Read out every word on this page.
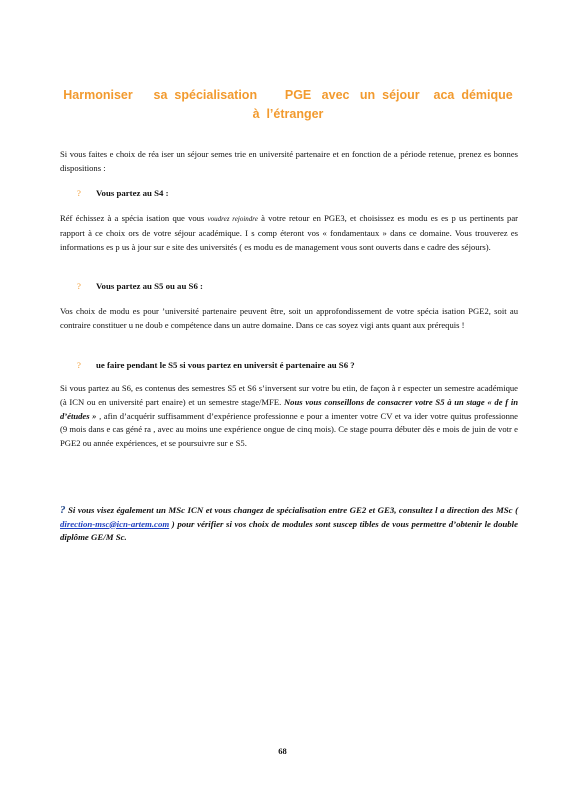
Harmoniser      sa  spécialisation        PGE   avec   un  séjour    aca  démique
à  l’étranger
Si vous faites e choix de réa iser un séjour semes trie en université partenaire et en fonction de a période retenue, prenez es bonnes dispositions :
? Vous partez au S4 :
Réf échissez à a spécia isation que vous voudrez rejoindre à votre retour en PGE3, et choisissez es modu es es p us pertinents par rapport à ce choix ors de votre séjour académique. I s comp éteront vos « fondamentaux » dans ce domaine. Vous trouverez es informations es p us à jour sur e site des universités ( es modu es de management vous sont ouverts dans e cadre des séjours).
? Vous partez au S5 ou au S6 :
Vos choix de modu es pour ’université partenaire peuvent être, soit un approfondissement de votre spécia isation PGE2, soit au contraire constituer u ne doub e compétence dans un autre domaine. Dans ce cas soyez vigi ants quant aux prérequis !
? ue faire pendant le S5 si vous partez en universit é partenaire au S6 ?
Si vous partez au S6, es contenus des semestres S5 et S6 s’inversent sur votre bu etin, de façon à r especter un semestre académique (à ICN ou en université part enaire) et un semestre stage/MFE. Nous vous conseillons de consacrer votre S5 à un stage « de f in d’études » , afin d’acquérir suffisamment d’expérience professionne e pour a imenter votre CV et va ider votre quitus professionne (9 mois dans e cas géné ra , avec au moins une expérience ongue de cinq mois). Ce stage pourra débuter dès e mois de juin de votr e PGE2 ou année expériences, et se poursuivre sur e S5.
? Si vous visez également un MSc ICN et vous changez de spécialisation entre GE2 et GE3, consultez l a direction des MSc ( direction-msc@icn-artem.com ) pour vérifier si vos choix de modules sont suscep tibles de vous permettre d’obtenir le double diplôme GE/M Sc.
68
